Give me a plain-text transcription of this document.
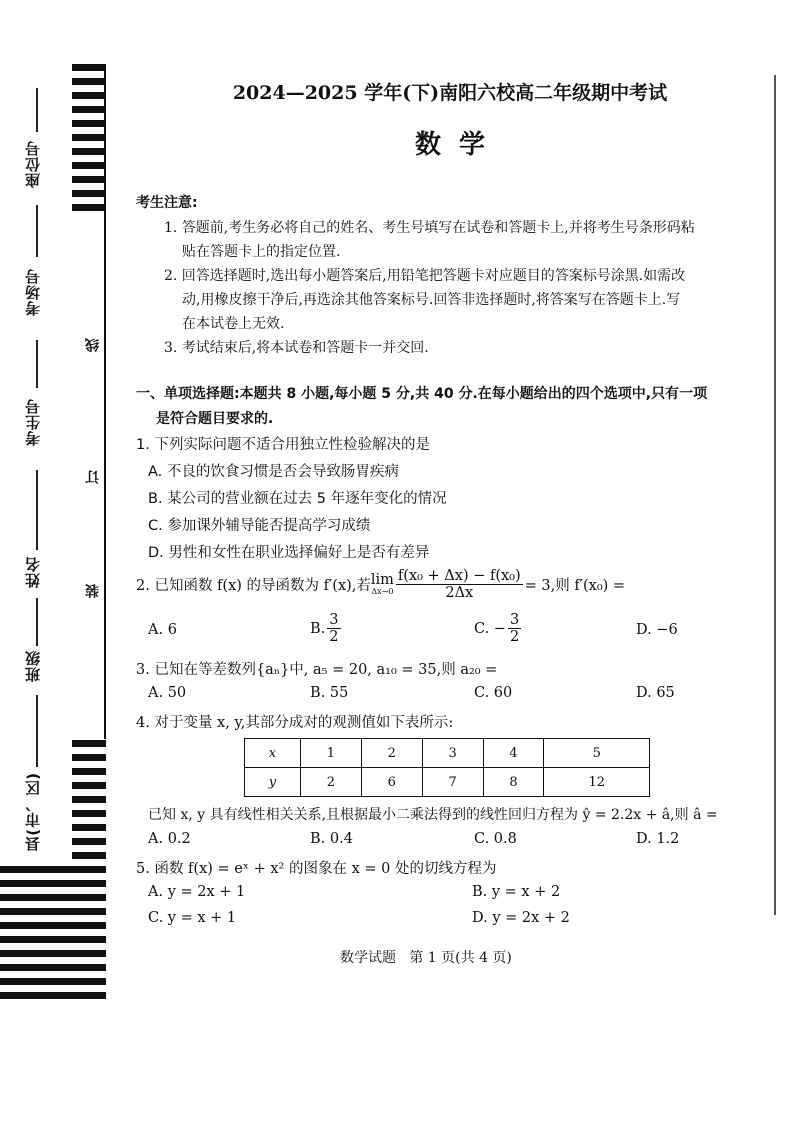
座位号
考场号
考生号
姓名
班级
县(市、区)
线
订
装
2024—2025 学年(下)南阳六校高二年级期中考试
数  学
考生注意:
1. 答题前,考生务必将自己的姓名、考生号填写在试卷和答题卡上,并将考生号条形码粘
贴在答题卡上的指定位置.
2. 回答选择题时,选出每小题答案后,用铅笔把答题卡对应题目的答案标号涂黑.如需改
动,用橡皮擦干净后,再选涂其他答案标号.回答非选择题时,将答案写在答题卡上.写
在本试卷上无效.
3. 考试结束后,将本试卷和答题卡一并交回.
一、单项选择题:本题共 8 小题,每小题 5 分,共 40 分.在每小题给出的四个选项中,只有一项
是符合题目要求的.
1. 下列实际问题不适合用独立性检验解决的是
A. 不良的饮食习惯是否会导致肠胃疾病
B. 某公司的营业额在过去 5 年逐年变化的情况
C. 参加课外辅导能否提高学习成绩
D. 男性和女性在职业选择偏好上是否有差异
2. 已知函数 f(x) 的导函数为 f′(x),若 lim
$\Delta x\to 0 \frac{\text{f(x₀ + Δx) − f(x₀)}}{2\Delta x} = 3$,则 f′(x₀) =
A. 6	B. $\frac{3}{2}$	C. − $\frac{3}{2}$	D. −6
3. 已知在等差数列{aₙ}中, a₅ = 20, a₁₀ = 35,则 a₂₀ =
A. 50	B. 55	C. 60	D. 65
4. 对于变量 x, y,其部分成对的观测值如下表所示:
x	1	2	3	4	5
y	2	6	7	8	12
已知 x, y 具有线性相关关系,且根据最小二乘法得到的线性回归方程为 ŷ = 2.2x + â,则 â =
A. 0.2	B. 0.4	C. 0.8	D. 1.2
5. 函数 f(x) = eˣ + x² 的图象在 x = 0 处的切线方程为
A. y = 2x + 1	B. y = x + 2
C. y = x + 1	D. y = 2x + 2
数学试题   第 1 页(共 4 页)
